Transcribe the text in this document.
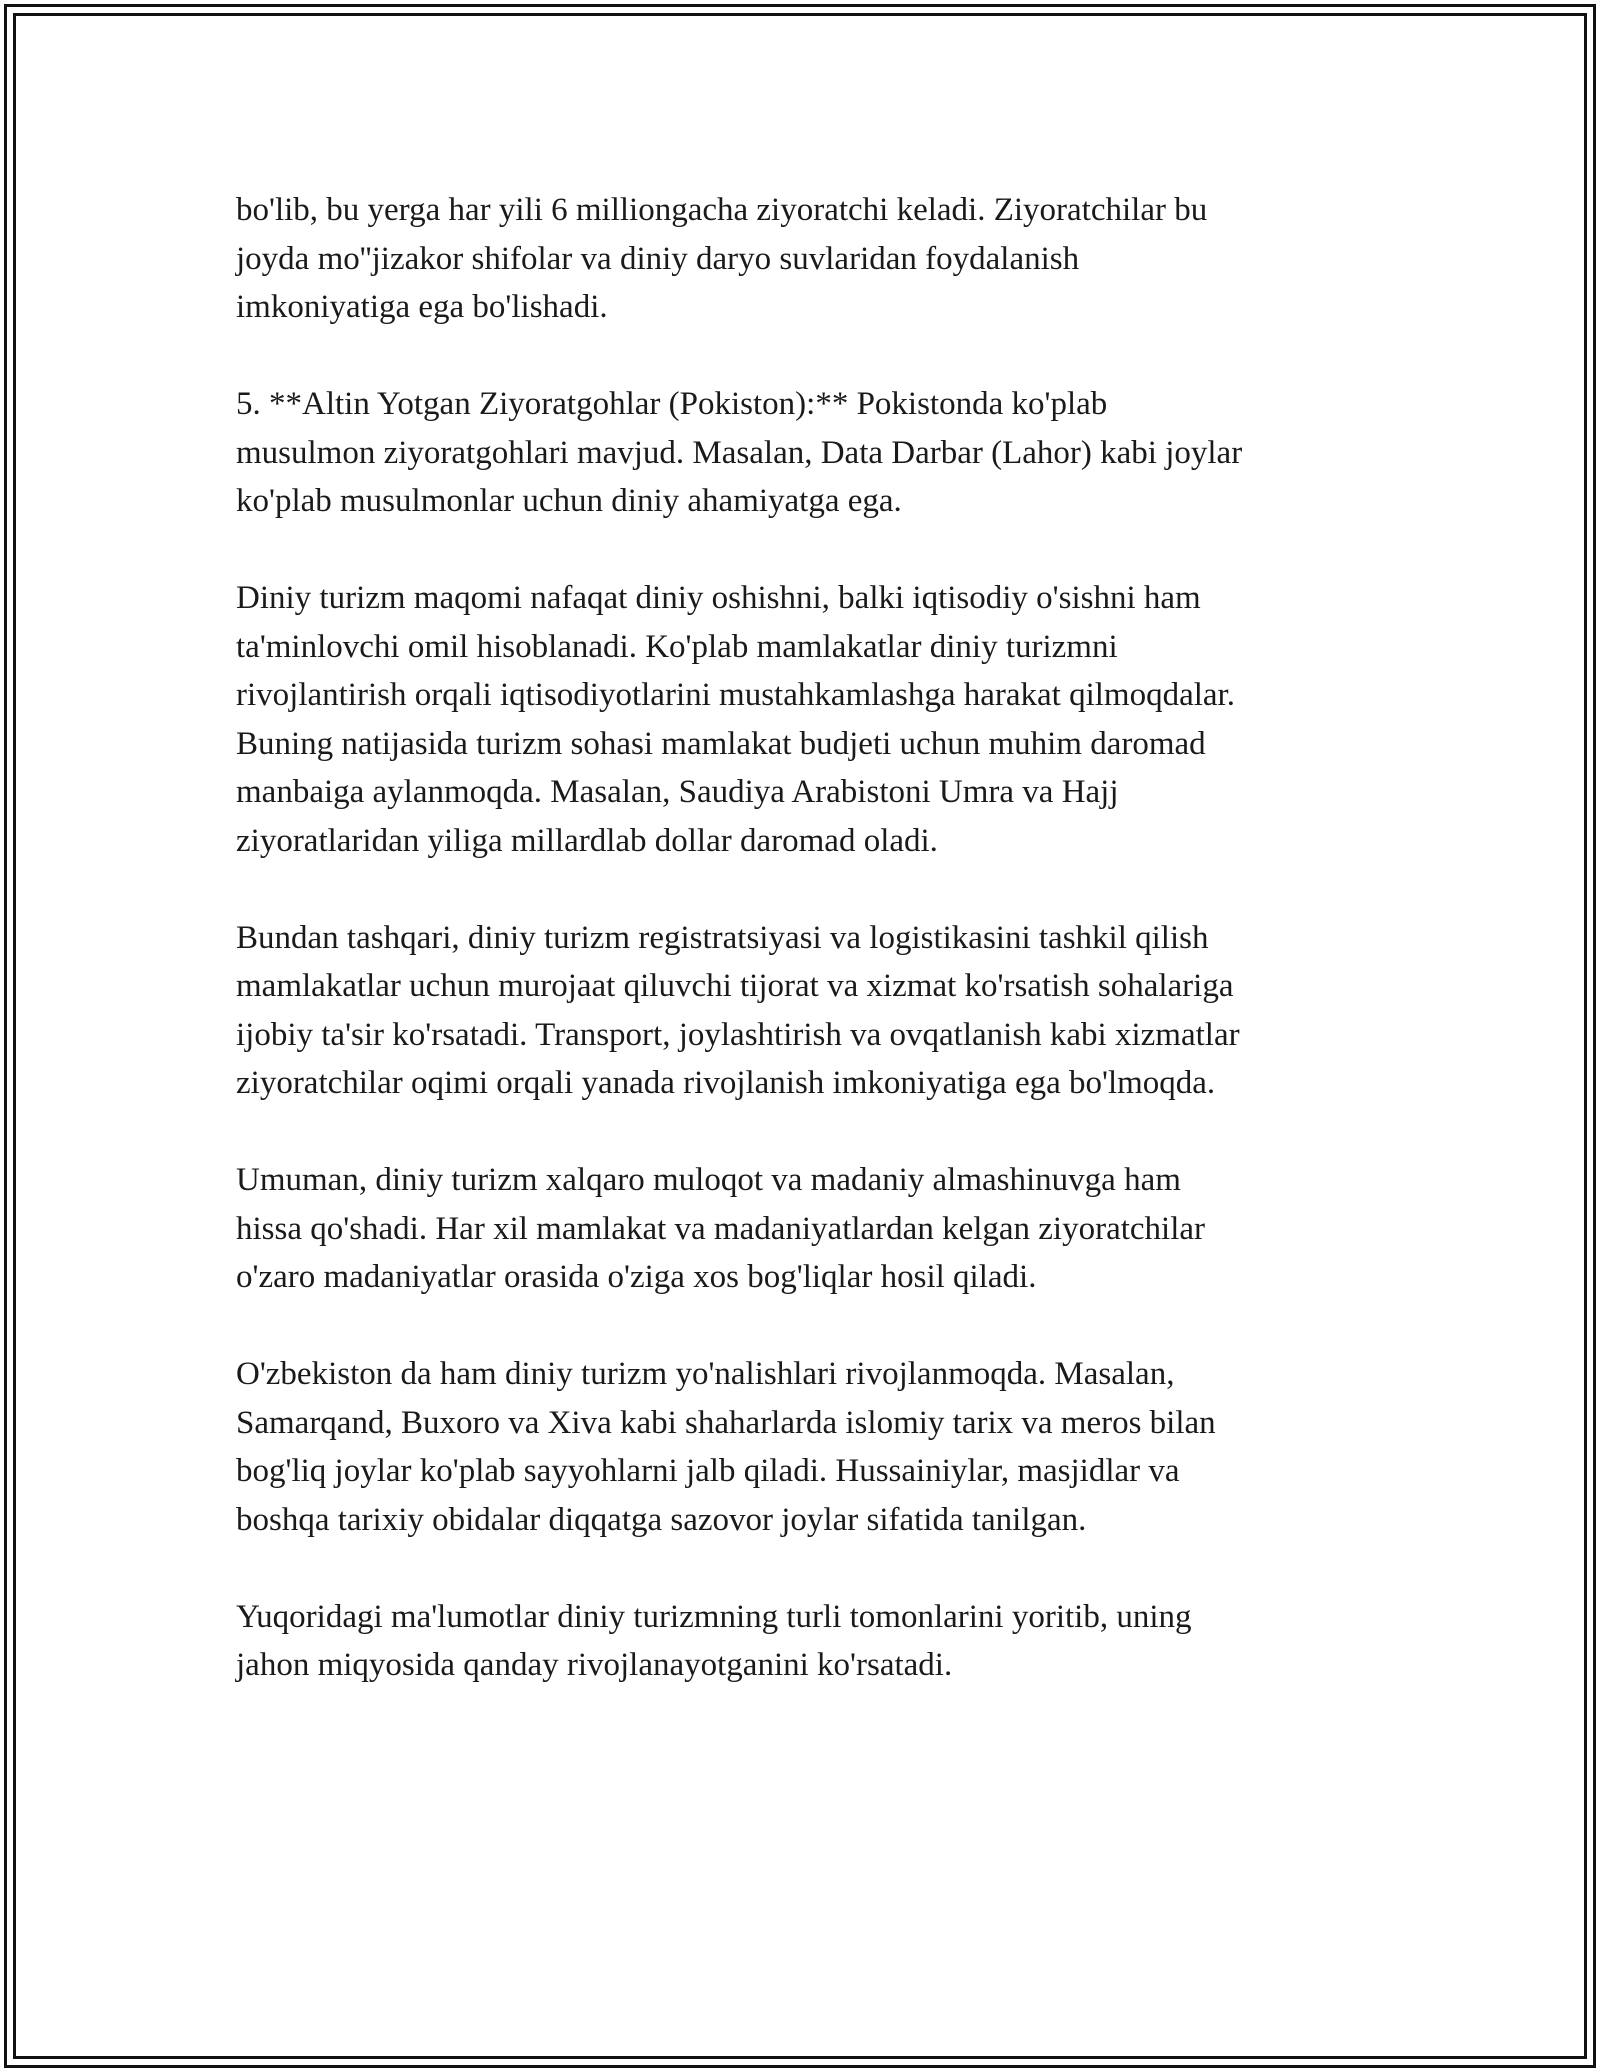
bo'lib, bu yerga har yili 6 milliongacha ziyoratchi keladi. Ziyoratchilar bu
joyda mo''jizakor shifolar va diniy daryo suvlaridan foydalanish
imkoniyatiga ega bo'lishadi.

5. **Altin Yotgan Ziyoratgohlar (Pokiston):** Pokistonda ko'plab
musulmon ziyoratgohlari mavjud. Masalan, Data Darbar (Lahor) kabi joylar
ko'plab musulmonlar uchun diniy ahamiyatga ega.

Diniy turizm maqomi nafaqat diniy oshishni, balki iqtisodiy o'sishni ham
ta'minlovchi omil hisoblanadi. Ko'plab mamlakatlar diniy turizmni
rivojlantirish orqali iqtisodiyotlarini mustahkamlashga harakat qilmoqdalar.
Buning natijasida turizm sohasi mamlakat budjeti uchun muhim daromad
manbaiga aylanmoqda. Masalan, Saudiya Arabistoni Umra va Hajj
ziyoratlaridan yiliga millardlab dollar daromad oladi.

Bundan tashqari, diniy turizm registratsiyasi va logistikasini tashkil qilish
mamlakatlar uchun murojaat qiluvchi tijorat va xizmat ko'rsatish sohalariga
ijobiy ta'sir ko'rsatadi. Transport, joylashtirish va ovqatlanish kabi xizmatlar
ziyoratchilar oqimi orqali yanada rivojlanish imkoniyatiga ega bo'lmoqda.

Umuman, diniy turizm xalqaro muloqot va madaniy almashinuvga ham
hissa qo'shadi. Har xil mamlakat va madaniyatlardan kelgan ziyoratchilar
o'zaro madaniyatlar orasida o'ziga xos bog'liqlar hosil qiladi.

O'zbekiston da ham diniy turizm yo'nalishlari rivojlanmoqda. Masalan,
Samarqand, Buxoro va Xiva kabi shaharlarda islomiy tarix va meros bilan
bog'liq joylar ko'plab sayyohlarni jalb qiladi. Hussainiylar, masjidlar va
boshqa tarixiy obidalar diqqatga sazovor joylar sifatida tanilgan.

Yuqoridagi ma'lumotlar diniy turizmning turli tomonlarini yoritib, uning
jahon miqyosida qanday rivojlanayotganini ko'rsatadi.
